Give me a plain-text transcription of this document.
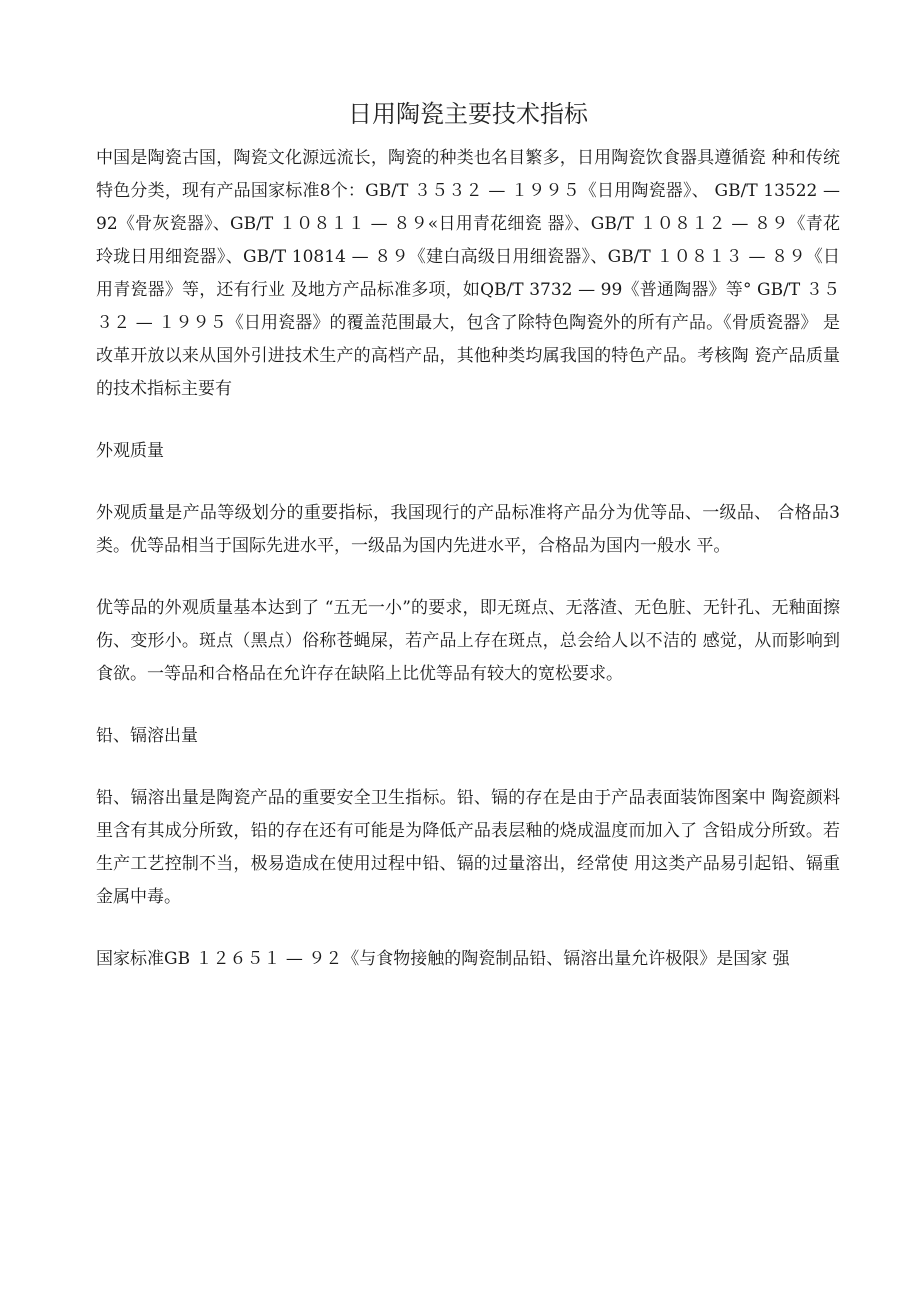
日用陶瓷主要技术指标

中国是陶瓷古国，陶瓷文化源远流长，陶瓷的种类也名目繁多，日用陶瓷饮食器具遵循瓷 种和传统特色分类，现有产品国家标准8个：GB/T ３５３２ — １９９５《日用陶瓷器》、 GB/T 13522 — 92《骨灰瓷器》、GB/T １０８１１ — ８９«日用青花细瓷 器》、GB/T １０８１２ — ８９《青花玲珑日用细瓷器》、GB/T 10814 — ８９《建白高级日用细瓷器》、GB/T １０８１３ — ８９《日用青瓷器》等，还有行业 及地方产品标准多项，如QB/T 3732 — 99《普通陶器》等° GB/T ３５３２ — １９９５《日用瓷器》的覆盖范围最大，包含了除特色陶瓷外的所有产品。《骨质瓷器》 是改革开放以来从国外引进技术生产的高档产品，其他种类均属我国的特色产品。考核陶 瓷产品质量的技术指标主要有

外观质量

外观质量是产品等级划分的重要指标，我国现行的产品标准将产品分为优等品、一级品、 合格品3类。优等品相当于国际先进水平，一级品为国内先进水平，合格品为国内一般水 平。

优等品的外观质量基本达到了 “五无一小”的要求，即无斑点、无落渣、无色脏、无针孔、无釉面擦伤、变形小。斑点（黑点）俗称苍蝇屎，若产品上存在斑点，总会给人以不洁的 感觉，从而影响到食欲。一等品和合格品在允许存在缺陷上比优等品有较大的宽松要求。

铅、镉溶出量

铅、镉溶出量是陶瓷产品的重要安全卫生指标。铅、镉的存在是由于产品表面装饰图案中 陶瓷颜料里含有其成分所致，铅的存在还有可能是为降低产品表层釉的烧成温度而加入了 含铅成分所致。若生产工艺控制不当，极易造成在使用过程中铅、镉的过量溶出，经常使 用这类产品易引起铅、镉重金属中毒。

国家标准GB １２６５１ — ９２《与食物接触的陶瓷制品铅、镉溶出量允许极限》是国家 强
